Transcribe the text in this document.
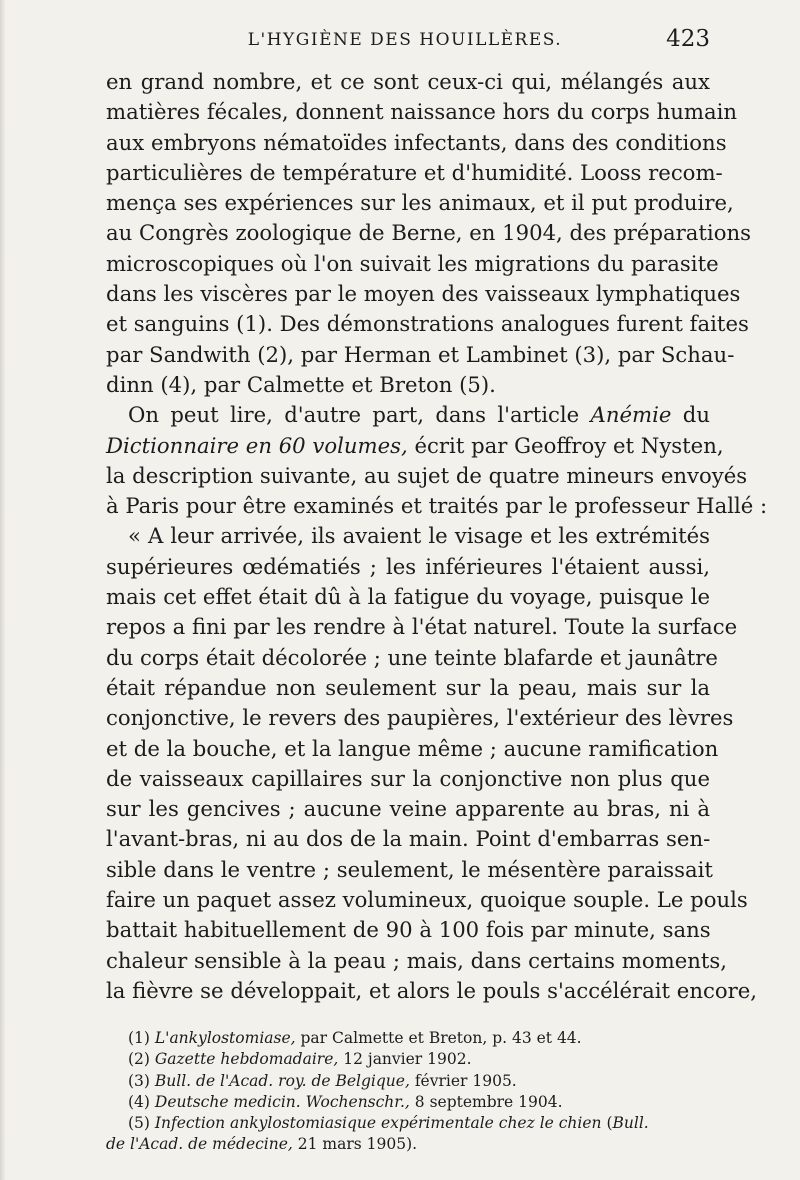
L'HYGIÈNE DES HOUILLÈRES.	423
en grand nombre, et ce sont ceux-ci qui, mélangés aux
matières fécales, donnent naissance hors du corps humain
aux embryons nématoïdes infectants, dans des conditions
particulières de température et d'humidité. Looss recom-
mença ses expériences sur les animaux, et il put produire,
au Congrès zoologique de Berne, en 1904, des préparations
microscopiques où l'on suivait les migrations du parasite
dans les viscères par le moyen des vaisseaux lymphatiques
et sanguins (1). Des démonstrations analogues furent faites
par Sandwith (2), par Herman et Lambinet (3), par Schau-
dinn (4), par Calmette et Breton (5).
On peut lire, d'autre part, dans l'article Anémie du
Dictionnaire en 60 volumes, écrit par Geoffroy et Nysten,
la description suivante, au sujet de quatre mineurs envoyés
à Paris pour être examinés et traités par le professeur Hallé :
« A leur arrivée, ils avaient le visage et les extrémités
supérieures œdématiés ; les inférieures l'étaient aussi,
mais cet effet était dû à la fatigue du voyage, puisque le
repos a fini par les rendre à l'état naturel. Toute la surface
du corps était décolorée ; une teinte blafarde et jaunâtre
était répandue non seulement sur la peau, mais sur la
conjonctive, le revers des paupières, l'extérieur des lèvres
et de la bouche, et la langue même ; aucune ramification
de vaisseaux capillaires sur la conjonctive non plus que
sur les gencives ; aucune veine apparente au bras, ni à
l'avant-bras, ni au dos de la main. Point d'embarras sen-
sible dans le ventre ; seulement, le mésentère paraissait
faire un paquet assez volumineux, quoique souple. Le pouls
battait habituellement de 90 à 100 fois par minute, sans
chaleur sensible à la peau ; mais, dans certains moments,
la fièvre se développait, et alors le pouls s'accélérait encore,
(1) L'ankylostomiase, par Calmette et Breton, p. 43 et 44.
(2) Gazette hebdomadaire, 12 janvier 1902.
(3) Bull. de l'Acad. roy. de Belgique, février 1905.
(4) Deutsche medicin. Wochenschr., 8 septembre 1904.
(5) Infection ankylostomiasique expérimentale chez le chien (Bull.
de l'Acad. de médecine, 21 mars 1905).
